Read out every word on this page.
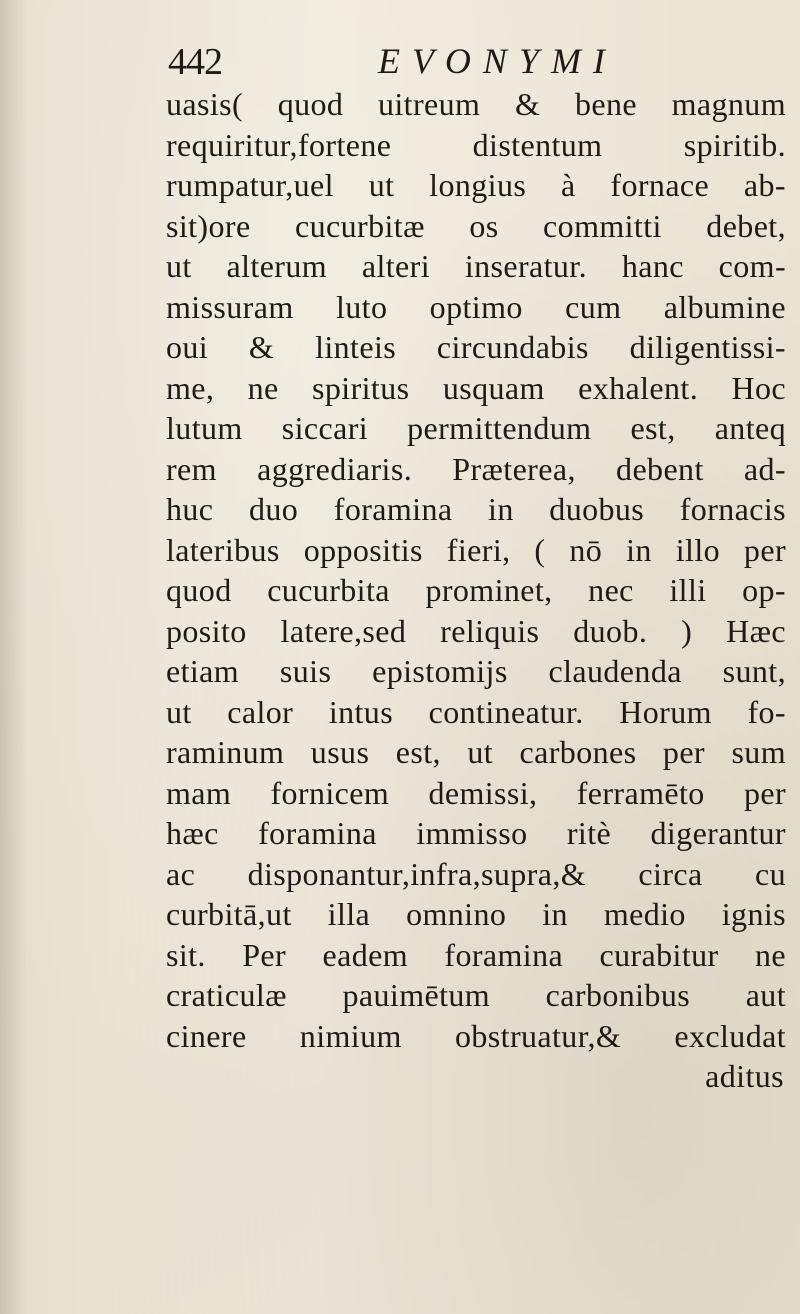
442	EVONYMI
uasis( quod uitreum & bene magnum
requiritur,fortene distentum spiritib.
rumpatur,uel ut longius à fornace ab-
sit)ore cucurbitæ os committi debet,
ut alterum alteri inseratur. hanc com-
missuram luto optimo cum albumine
oui & linteis circundabis diligentissi-
me, ne spiritus usquam exhalent. Hoc
lutum siccari permittendum est, anteq
rem aggrediaris. Præterea, debent ad-
huc duo foramina in duobus fornacis
lateribus oppositis fieri, ( nō in illo per
quod cucurbita prominet, nec illi op-
posito latere,sed reliquis duob. ) Hæc
etiam suis epistomijs claudenda sunt,
ut calor intus contineatur. Horum fo-
raminum usus est, ut carbones per sum
mam fornicem demissi, ferramēto per
hæc foramina immisso ritè digerantur
ac disponantur,infra,supra,& circa cu
curbitā,ut illa omnino in medio ignis
sit. Per eadem foramina curabitur ne
craticulæ pauimētum carbonibus aut
cinere nimium obstruatur,& excludat
aditus
